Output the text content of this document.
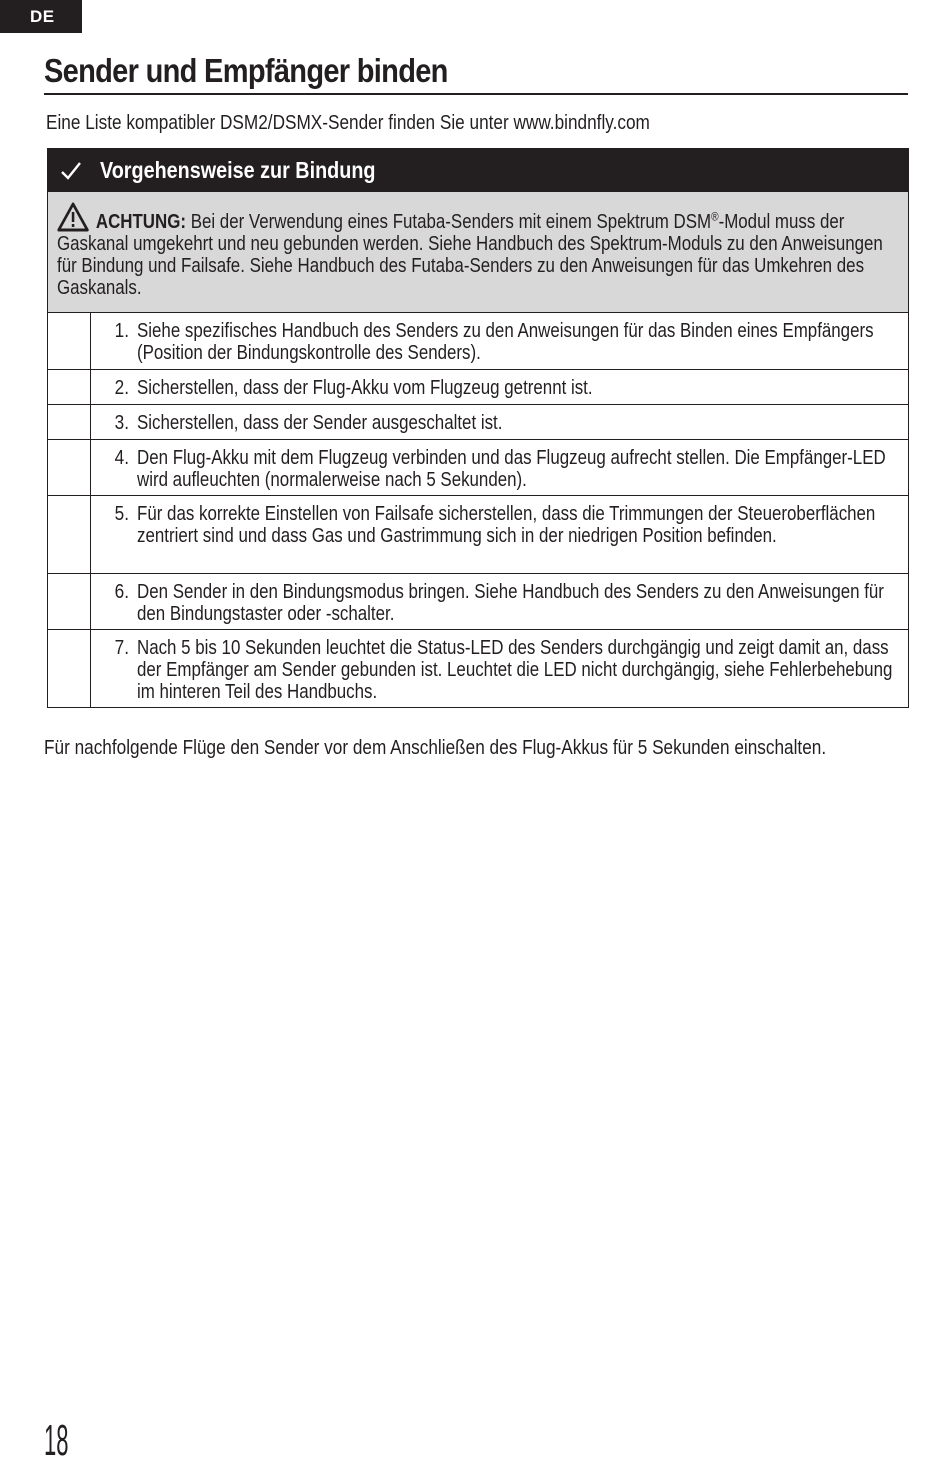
DE
Sender und Empfänger binden
Eine Liste kompatibler DSM2/DSMX-Sender finden Sie unter www.bindnfly.com
Vorgehensweise zur Bindung
ACHTUNG: Bei der Verwendung eines Futaba-Senders mit einem Spektrum DSM®-Modul muss der Gaskanal umgekehrt und neu gebunden werden. Siehe Handbuch des Spektrum-Moduls zu den Anweisungen für Bindung und Failsafe. Siehe Handbuch des Futaba-Senders zu den Anweisungen für das Umkehren des Gaskanals.
1. Siehe spezifisches Handbuch des Senders zu den Anweisungen für das Binden eines Empfängers (Position der Bindungskontrolle des Senders).
2. Sicherstellen, dass der Flug-Akku vom Flugzeug getrennt ist.
3. Sicherstellen, dass der Sender ausgeschaltet ist.
4. Den Flug-Akku mit dem Flugzeug verbinden und das Flugzeug aufrecht stellen. Die Empfänger-LED wird aufleuchten (normalerweise nach 5 Sekunden).
5. Für das korrekte Einstellen von Failsafe sicherstellen, dass die Trimmungen der Steueroberflächen zentriert sind und dass Gas und Gastrimmung sich in der niedrigen Position befinden.
6. Den Sender in den Bindungsmodus bringen. Siehe Handbuch des Senders zu den Anweisungen für den Bindungstaster oder -schalter.
7. Nach 5 bis 10 Sekunden leuchtet die Status-LED des Senders durchgängig und zeigt damit an, dass der Empfänger am Sender gebunden ist. Leuchtet die LED nicht durchgängig, siehe Fehlerbehebung im hinteren Teil des Handbuchs.
Für nachfolgende Flüge den Sender vor dem Anschließen des Flug-Akkus für 5 Sekunden einschalten.
18
